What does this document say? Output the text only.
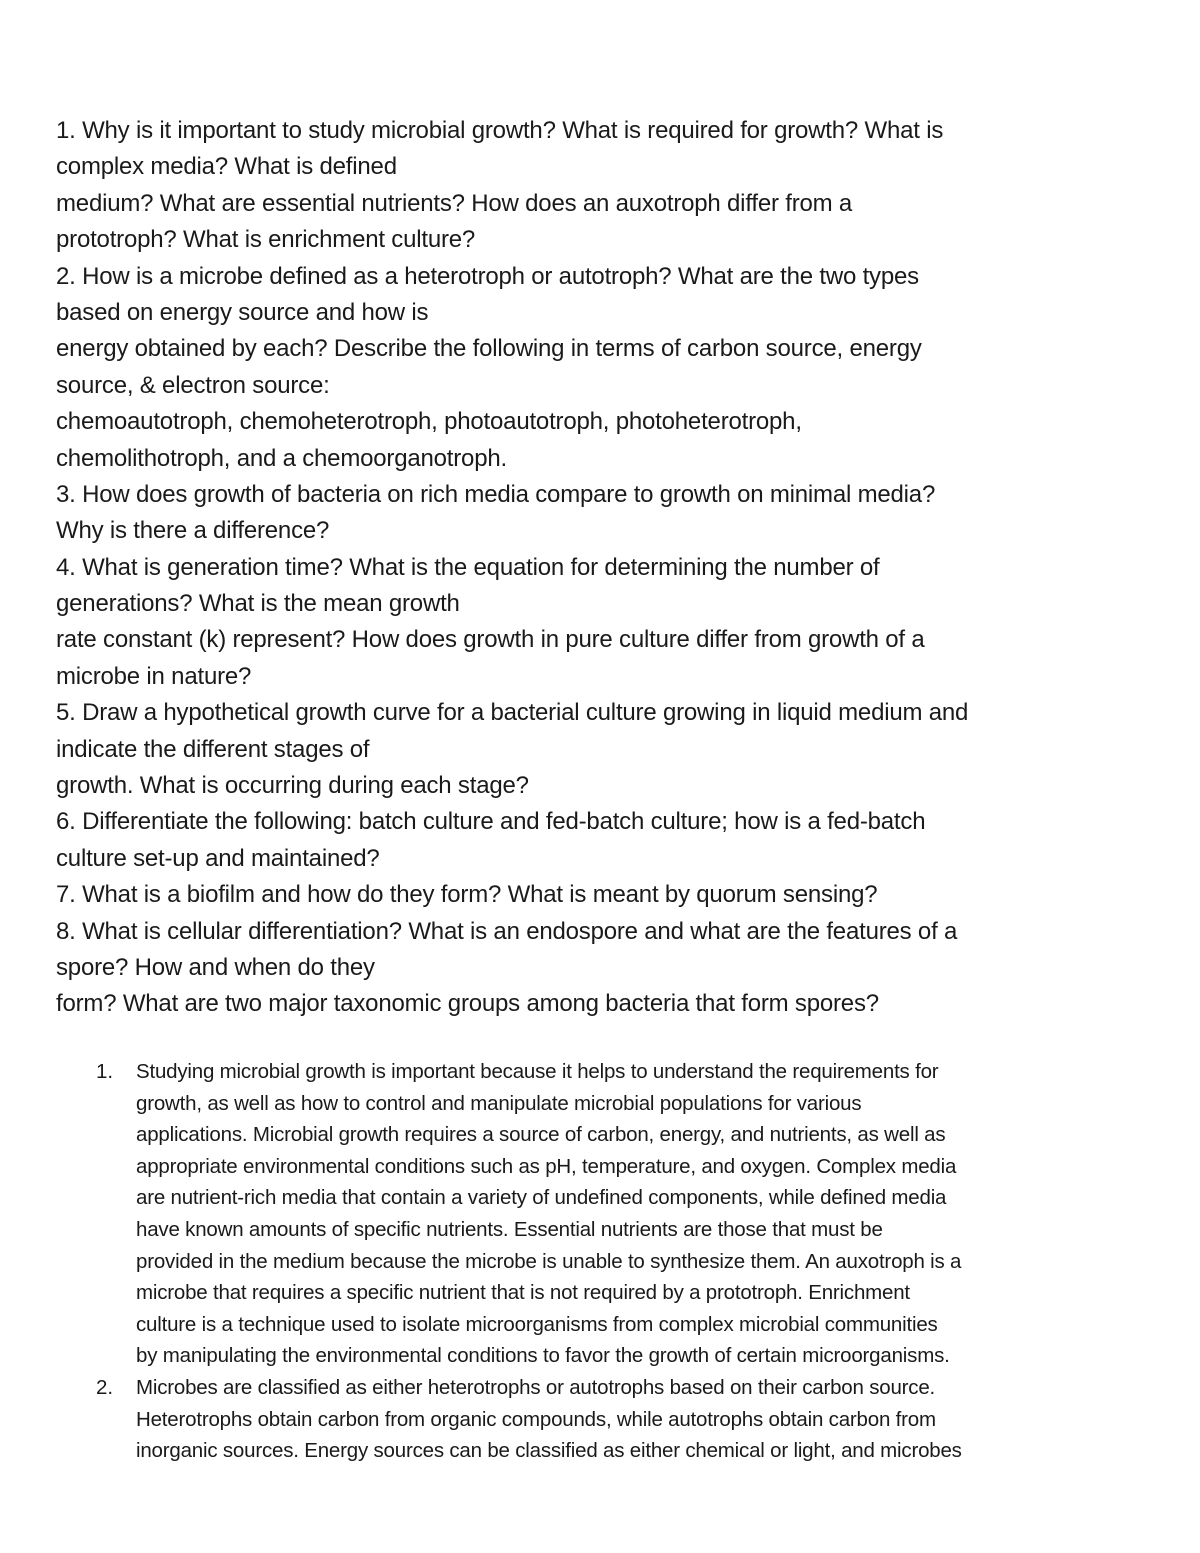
1. Why is it important to study microbial growth? What is required for growth? What is
complex media? What is defined
medium? What are essential nutrients? How does an auxotroph differ from a
prototroph? What is enrichment culture?
2. How is a microbe defined as a heterotroph or autotroph? What are the two types
based on energy source and how is
energy obtained by each? Describe the following in terms of carbon source, energy
source, & electron source:
chemoautotroph, chemoheterotroph, photoautotroph, photoheterotroph,
chemolithotroph, and a chemoorganotroph.
3. How does growth of bacteria on rich media compare to growth on minimal media?
Why is there a difference?
4. What is generation time? What is the equation for determining the number of
generations? What is the mean growth
rate constant (k) represent? How does growth in pure culture differ from growth of a
microbe in nature?
5. Draw a hypothetical growth curve for a bacterial culture growing in liquid medium and
indicate the different stages of
growth. What is occurring during each stage?
6. Differentiate the following: batch culture and fed-batch culture; how is a fed-batch
culture set-up and maintained?
7. What is a biofilm and how do they form? What is meant by quorum sensing?
8. What is cellular differentiation? What is an endospore and what are the features of a
spore? How and when do they
form? What are two major taxonomic groups among bacteria that form spores?
1. Studying microbial growth is important because it helps to understand the requirements for
growth, as well as how to control and manipulate microbial populations for various
applications. Microbial growth requires a source of carbon, energy, and nutrients, as well as
appropriate environmental conditions such as pH, temperature, and oxygen. Complex media
are nutrient-rich media that contain a variety of undefined components, while defined media
have known amounts of specific nutrients. Essential nutrients are those that must be
provided in the medium because the microbe is unable to synthesize them. An auxotroph is a
microbe that requires a specific nutrient that is not required by a prototroph. Enrichment
culture is a technique used to isolate microorganisms from complex microbial communities
by manipulating the environmental conditions to favor the growth of certain microorganisms.
2. Microbes are classified as either heterotrophs or autotrophs based on their carbon source.
Heterotrophs obtain carbon from organic compounds, while autotrophs obtain carbon from
inorganic sources. Energy sources can be classified as either chemical or light, and microbes
